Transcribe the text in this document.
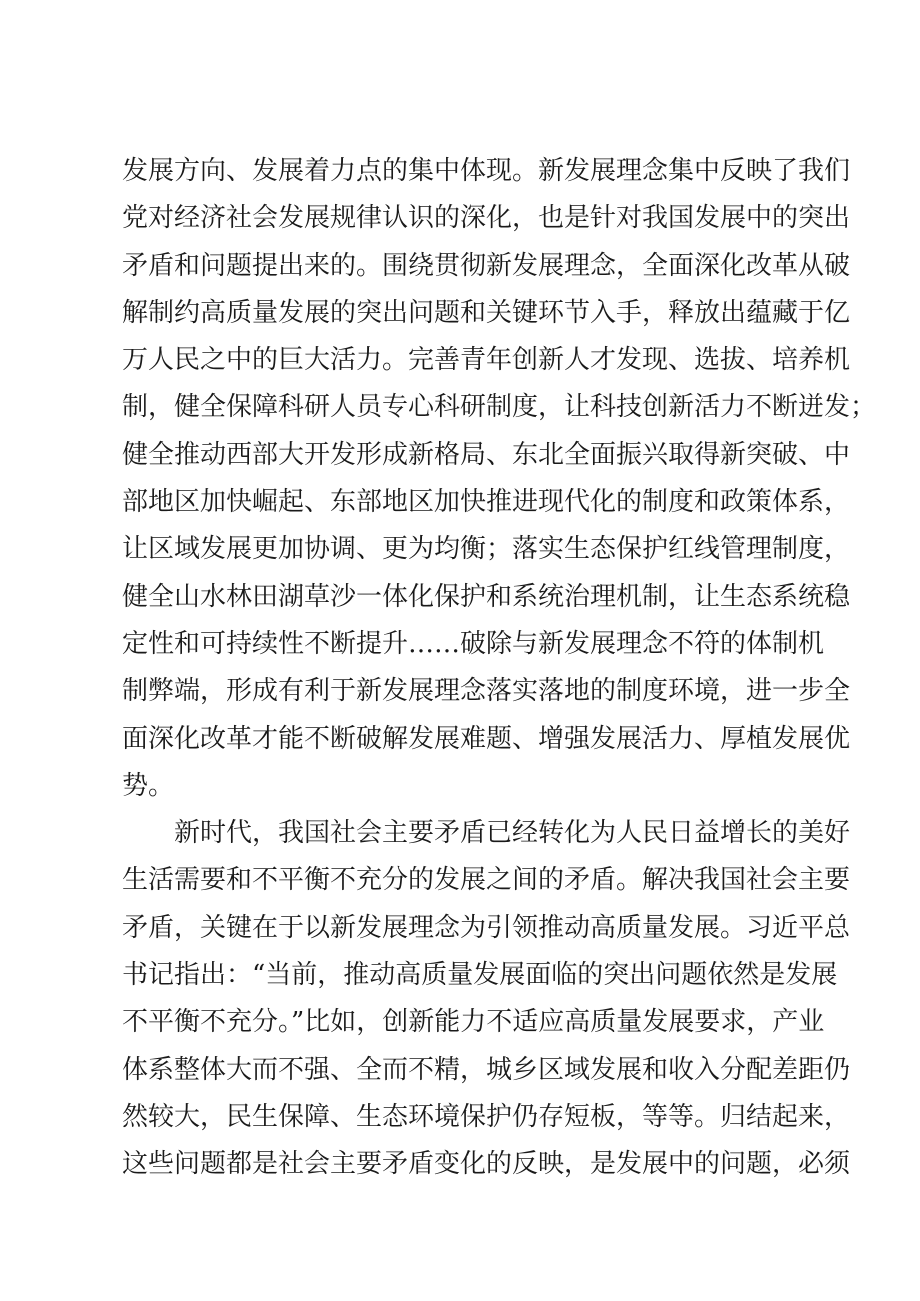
发展方向、发展着力点的集中体现。新发展理念集中反映了我们
党对经济社会发展规律认识的深化，也是针对我国发展中的突出
矛盾和问题提出来的。围绕贯彻新发展理念，全面深化改革从破
解制约高质量发展的突出问题和关键环节入手，释放出蕴藏于亿
万人民之中的巨大活力。完善青年创新人才发现、选拔、培养机
制，健全保障科研人员专心科研制度，让科技创新活力不断迸发；
健全推动西部大开发形成新格局、东北全面振兴取得新突破、中
部地区加快崛起、东部地区加快推进现代化的制度和政策体系，
让区域发展更加协调、更为均衡；落实生态保护红线管理制度，
健全山水林田湖草沙一体化保护和系统治理机制，让生态系统稳
定性和可持续性不断提升……破除与新发展理念不符的体制机
制弊端，形成有利于新发展理念落实落地的制度环境，进一步全
面深化改革才能不断破解发展难题、增强发展活力、厚植发展优
势。
新时代，我国社会主要矛盾已经转化为人民日益增长的美好
生活需要和不平衡不充分的发展之间的矛盾。解决我国社会主要
矛盾，关键在于以新发展理念为引领推动高质量发展。习近平总
书记指出：“当前，推动高质量发展面临的突出问题依然是发展
不平衡不充分。”比如，创新能力不适应高质量发展要求，产业
体系整体大而不强、全而不精，城乡区域发展和收入分配差距仍
然较大，民生保障、生态环境保护仍存短板，等等。归结起来，
这些问题都是社会主要矛盾变化的反映，是发展中的问题，必须
